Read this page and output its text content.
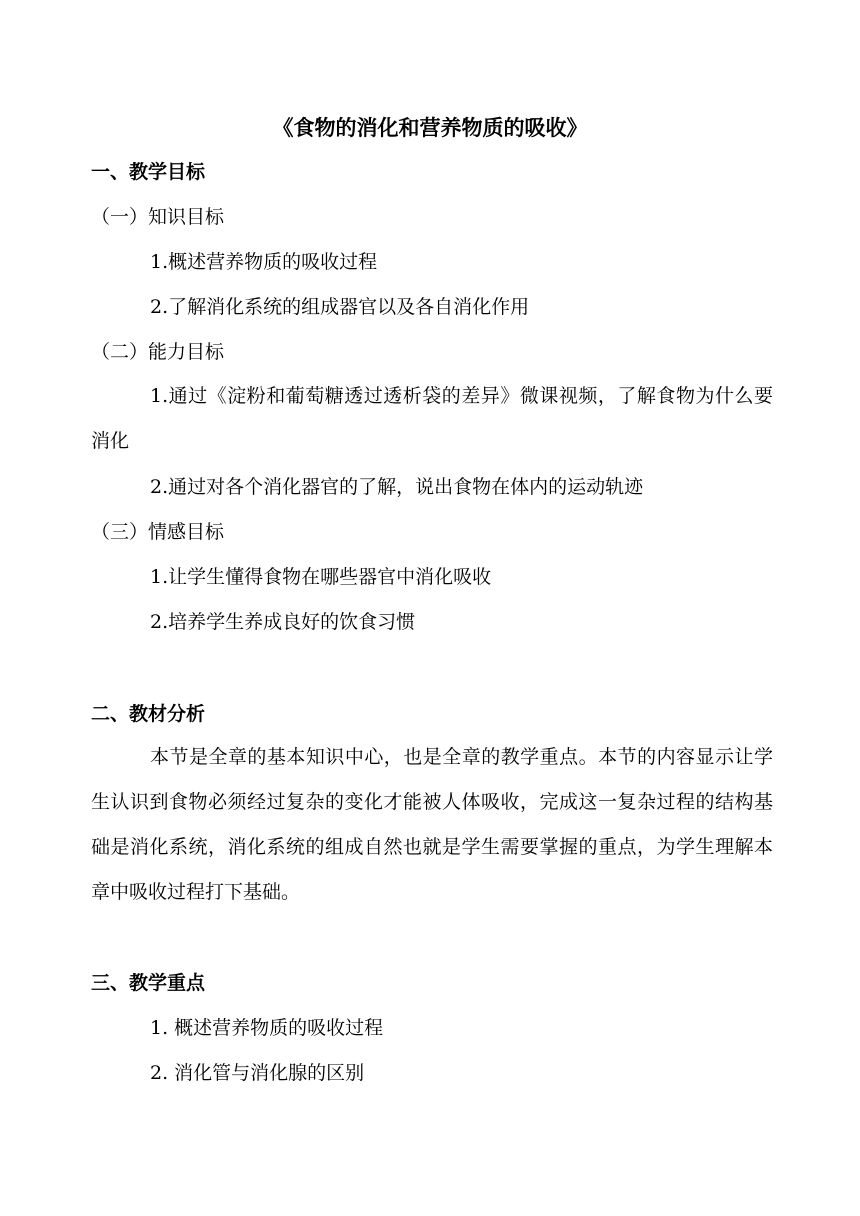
《食物的消化和营养物质的吸收》
一、教学目标
（一）知识目标
1.概述营养物质的吸收过程
2.了解消化系统的组成器官以及各自消化作用
（二）能力目标

1.通过《淀粉和葡萄糖透过透析袋的差异》微课视频，了解食物为什么要消化

2.通过对各个消化器官的了解，说出食物在体内的运动轨迹
（三）情感目标
1.让学生懂得食物在哪些器官中消化吸收
2.培养学生养成良好的饮食习惯
二、教材分析

本节是全章的基本知识中心，也是全章的教学重点。本节的内容显示让学生认识到食物必须经过复杂的变化才能被人体吸收，完成这一复杂过程的结构基础是消化系统，消化系统的组成自然也就是学生需要掌握的重点，为学生理解本章中吸收过程打下基础。

三、教学重点
1. 概述营养物质的吸收过程
2. 消化管与消化腺的区别
